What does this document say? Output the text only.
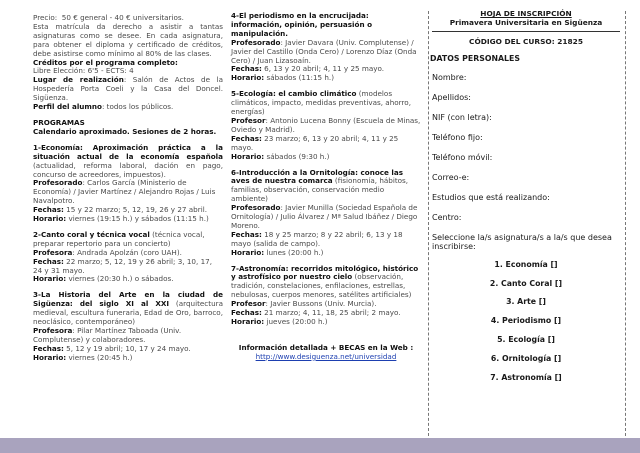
Precio: 50 € general - 40 € universitarios.

Esta matrícula da derecho a asistir a tantas asignaturas como se desee. En cada asignatura, para obtener el diploma y certificado de créditos, debe asistirse como mínimo al 80% de las clases.

Créditos por el programa completo:

Libre Elección: 6'5 - ECTS: 4

Lugar de realización: Salón de Actos de la Hospedería Porta Coeli y la Casa del Doncel. Sigüenza.

Perfil del alumno: todos los públicos.

PROGRAMAS

Calendario aproximado. Sesiones de 2 horas.

1-Economía: Aproximación práctica a la situación actual de la economía española (actualidad, reforma laboral, dación en pago, concurso de acreedores, impuestos).

Profesorado: Carlos García (Ministerio de Economía) / Javier Martínez / Alejandro Rojas / Luis Navalpotro.

Fechas: 15 y 22 marzo; 5, 12, 19, 26 y 27 abril.

Horario: viernes (19:15 h.) y sábados (11:15 h.)

2-Canto coral y técnica vocal (técnica vocal, preparar repertorio para un concierto)

Profesora: Andrada Apolzán (coro UAH).

Fechas: 22 marzo; 5, 12, 19 y 26 abril; 3, 10, 17, 24 y 31 mayo.

Horario: viernes (20:30 h.) o sábados.

3-La Historia del Arte en la ciudad de Sigüenza: del siglo XI al XXI (arquitectura medieval, escultura funeraria, Edad de Oro, barroco, neoclásico, contemporáneo)

Profesora: Pilar Martínez Taboada (Univ. Complutense) y colaboradores.

Fechas: 5, 12 y 19 abril; 10, 17 y 24 mayo.

Horario: viernes (20:45 h.)

4-El periodismo en la encrucijada: información, opinión, persuasión o manipulación.

Profesorado: Javier Davara (Univ. Complutense) / Javier del Castillo (Onda Cero) / Lorenzo Díaz (Onda Cero) / Juan Lizasoaín.

Fechas: 6, 13 y 20 abril; 4, 11 y 25 mayo.

Horario: sábados (11:15 h.)

5-Ecología: el cambio climático (modelos climáticos, impacto, medidas preventivas, ahorro, energías)

Profesor: Antonio Lucena Bonny (Escuela de Minas, Oviedo y Madrid).

Fechas: 23 marzo; 6, 13 y 20 abril; 4, 11 y 25 mayo.

Horario: sábados (9:30 h.)

6-Introducción a la Ornitología: conoce las aves de nuestra comarca (fisionomía, hábitos, familias, observación, conservación medio ambiente)

Profesorado: Javier Munilla (Sociedad Española de Ornitología) / Julio Álvarez / Mª Salud Ibáñez / Diego Moreno.

Fechas: 18 y 25 marzo; 8 y 22 abril; 6, 13 y 18 mayo (salida de campo).

Horario: lunes (20:00 h.)

7-Astronomía: recorridos mitológico, histórico y astrofísico por nuestro cielo (observación, tradición, constelaciones, enfilaciones, estrellas, nebulosas, cuerpos menores, satélites artificiales)

Profesor: Javier Bussons (Univ. Murcia).

Fechas: 21 marzo; 4, 11, 18, 25 abril; 2 mayo.

Horario: jueves (20:00 h.)

Información detallada + BECAS en la Web :

http://www.desiguenza.net/universidad

HOJA DE INSCRIPCIÓN

Primavera Universitaria en Sigüenza

CÓDIGO DEL CURSO: 21825

DATOS PERSONALES

Nombre:

Apellidos:

NIF (con letra):

Teléfono fijo:

Teléfono móvil:

Correo-e:

Estudios que está realizando:

Centro:

Seleccione la/s asignatura/s a la/s que desea inscribirse:

1. Economía []

2. Canto Coral []

3. Arte []

4. Periodismo []

5. Ecología []

6. Ornitología []

7. Astronomía []
